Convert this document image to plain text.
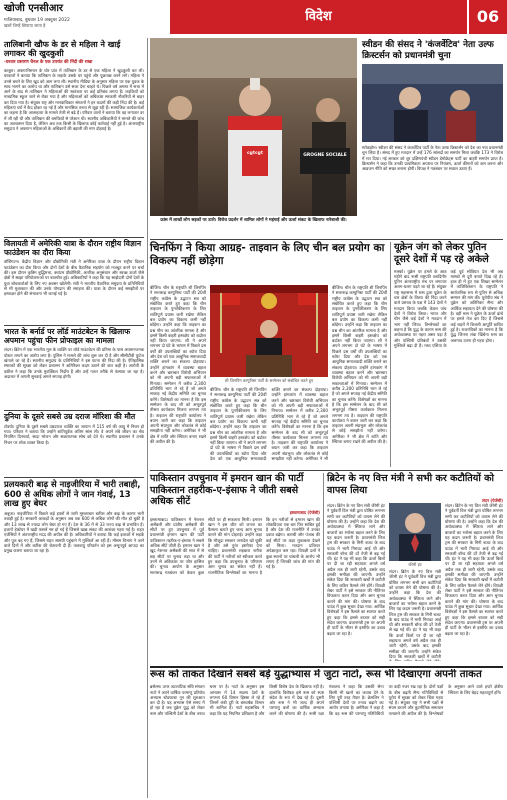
खोजी एनसीआर
गाजियाबाद, बुधवार 19 अक्टूबर 2022
ख़बरें जिन्हें छिपाया जाता है
विदेश	06
तालिबानी खौफ के डर से महिला ने खाई लगाकर की खुदकुशी
-घरवार प्रसारण चैनल के एक उपरांत की निंदी की राखा
काबुल। अफगानिस्तान के घोर प्रांत में तालिबान के डर से एक महिला ने खुदकुशी कर ली। घरवालों ने बताया कि तालिबान के लड़ाके उसके घर पहुंचे और पूछताछ करने लगे। महिला ने उनसे बचने के लिए खुद को आग लगा ली। स्थानीय मीडिया के अनुसार महिला पर एक युवक के साथ भागने का आरोप था और तालिबान उसे सजा देना चाहते थे। पिछले वर्ष अगस्त में सत्ता में आने के बाद से तालिबान ने महिलाओं की स्वतंत्रता पर कई प्रतिबंध लगाए हैं। लड़कियों को माध्यमिक स्कूल जाने से रोका गया है और महिलाओं को अधिकांश सरकारी नौकरियों से बाहर कर दिया गया है। संयुक्त राष्ट्र और मानवाधिकार संगठनों ने इन कदमों की कड़ी निंदा की है। कई महिलाएं घरों में कैद होकर रह गई हैं और मानसिक तनाव से जूझ रही हैं। सामाजिक कार्यकर्ताओं का कहना है कि आत्महत्या के मामले तेजी से बढ़े हैं। परिवार वालों ने बताया कि वह लगातार डर में जी रही थी और तालिबान की धमकियों से परेशान थी। स्थानीय अधिकारियों ने मामले की जांच का आश्वासन दिया है, लेकिन अब तक किसी के खिलाफ कोई कार्रवाई नहीं हुई है। अंतरराष्ट्रीय समुदाय ने अफगान महिलाओं के अधिकारों की बहाली की मांग दोहराई है।
विलायती में अमेरिकी यात्रा के दौरान राष्ट्रीय विज्ञान फाउंडेशन का दौरा किया
वॉशिंगटन। केंद्रीय विज्ञान और प्रौद्योगिकी मंत्री ने अमेरिका यात्रा के दौरान राष्ट्रीय विज्ञान फाउंडेशन का दौरा किया और दोनों देशों के बीच वैज्ञानिक सहयोग को मजबूत करने पर चर्चा की। इस दौरान कृत्रिम बुद्धिमत्ता, क्वांटम प्रौद्योगिकी, अंतरिक्ष अनुसंधान और स्वच्छ ऊर्जा जैसे क्षेत्रों में साझा परियोजनाओं पर बातचीत हुई। अधिकारियों ने कहा कि यह साझेदारी दोनों देशों के युवा शोधकर्ताओं के लिए नए अवसर खोलेगी। मंत्री ने भारतीय वैज्ञानिक समुदाय के प्रतिनिधियों से भी मुलाकात की और उनके योगदान की सराहना की। यात्रा के दौरान कई समझौतों पर हस्ताक्षर होने की संभावना भी जताई गई है।
भारत के बर्नार्ड पर लॉर्ड माउंटबेटन के खिलाफ अपमान पहुंचा फीन प्रोफाइल का मामला
लंदन। ब्रिटेन में एक भारतीय मूल के व्यक्ति पर लॉर्ड माउंटबेटन की प्रतिमा के पास अपमानजनक पोस्टर लगाने का आरोप लगा है। पुलिस ने मामले की जांच शुरू कर दी है और सीसीटीवी फुटेज खंगाले जा रहे हैं। स्थानीय समुदाय के प्रतिनिधियों ने इस घटना की निंदा की है। ऐतिहासिक स्मारकों की सुरक्षा को लेकर प्रशासन ने अतिरिक्त कदम उठाने की बात कही है। आरोपी के वकील ने कहा कि उनके मुवक्किल निर्दोष हैं और उन्हें गलत तरीके से फंसाया जा रहा है। अदालत में अगली सुनवाई अगले सप्ताह होगी।
दुनिया के दूसरे सबसे उम्र दराज मॉरिशा की मौत
टोक्यो। दुनिया के दूसरे सबसे उम्रदराज व्यक्ति का जापान में 115 वर्ष की आयु में निधन हो गया। परिवार ने बताया कि उन्होंने शांतिपूर्वक अंतिम सांस ली। वे अपने लंबे जीवन का श्रेय नियमित दिनचर्या, सादा भोजन और सकारात्मक सोच को देते थे। स्थानीय प्रशासन ने उनके निधन पर शोक व्यक्त किया है।
प्रलयकारी बाढ़ से नाइजीरिया में भारी तबाही, 600 से अधिक लोगों ने जान गंवाई, 13 लाख हुए बेघर
अबुजा। नाइजीरिया में पिछले कई हफ्तों से जारी मूसलाधार बारिश और बाढ़ के कारण भारी तबाही हुई है। सरकारी आंकड़ों के अनुसार अब तक 600 से अधिक लोगों की मौत हो चुकी है और 13 लाख से ज्यादा लोग बेघर हो गए हैं। देश के 36 में से 33 राज्य बाढ़ से प्रभावित हैं। हजारों हेक्टेयर में खड़ी फसलें नष्ट हो गई हैं जिससे खाद्य संकट की आशंका गहरा गई है। राहत एजेंसियों ने अंतरराष्ट्रीय मदद की अपील की है। अधिकारियों ने बताया कि कई इलाकों में सड़कें और पुल बह गए हैं, जिससे राहत सामग्री पहुंचाने में मुश्किलें आ रही हैं। मौसम विभाग ने आने वाले दिनों में और बारिश की चेतावनी दी है। जलवायु परिवर्तन को इस अभूतपूर्व आपदा का प्रमुख कारण बताया जा रहा है।
cgtcgt	GROGNE SOCIALE
फ्रांस में लाखों लोग सड़कों पर उतरे। विरोध प्रदर्शन में शामिल लोगों ने महंगाई और ऊर्जा संकट के खिलाफ नारेबाजी की।
स्वीडन की संसद ने 'कंजर्वेटिव' नेता उल्फ क्रिस्टर्सन को प्रधानमंत्री चुना
स्टॉकहोम। स्वीडन की संसद ने कंजर्वेटिव पार्टी के नेता उल्फ क्रिस्टर्सन को देश का नया प्रधानमंत्री चुन लिया है। संसद में हुए मतदान में उन्हें 176 सांसदों का समर्थन मिला जबकि 173 ने विरोध में मत दिया। नई सरकार को धुर दक्षिणपंथी स्वीडन डेमोक्रेट्स पार्टी का बाहरी समर्थन प्राप्त है। क्रिस्टर्सन ने कहा कि उनकी प्राथमिकता अपराध पर नियंत्रण, ऊर्जा कीमतों को कम करना और आव्रजन नीति को सख्त बनाना होगी। विपक्ष ने गठबंधन पर सवाल उठाए हैं।
चिनफिंग ने किया आग्रह- ताइवान के लिए चीन बल प्रयोग का विकल्प नहीं छोड़ेगा
बीजिंग। चीन के राष्ट्रपति शी जिनपिंग ने सत्तारूढ़ कम्युनिस्ट पार्टी की 20वीं राष्ट्रीय कांग्रेस के उद्घाटन सत्र को संबोधित करते हुए कहा कि चीन ताइवान के पुनर्एकीकरण के लिए शांतिपूर्ण प्रयास जारी रखेगा लेकिन बल प्रयोग का विकल्प कभी नहीं छोड़ेगा। उन्होंने कहा कि ताइवान का प्रश्न चीन का आंतरिक मामला है और इसमें किसी बाहरी हस्तक्षेप को बर्दाश्त नहीं किया जाएगा। शी ने अपने लगभग दो घंटे के भाषण में पिछले दस वर्षों की उपलब्धियों का ब्योरा दिया और देश को एक आधुनिक समाजवादी शक्ति बनाने का संकल्प दोहराया। उन्होंने हांगकांग में व्यवस्था बहाल करने और भ्रष्टाचार विरोधी अभियान को भी अपनी बड़ी सफलताओं में गिनाया। सम्मेलन में करीब 2,300 प्रतिनिधि भाग ले रहे हैं जो अगले सप्ताह नई केंद्रीय समिति का चुनाव करेंगे। विशेषज्ञों का मानना है कि इस सम्मेलन के बाद शी को अभूतपूर्व तीसरा कार्यकाल मिलना लगभग तय है। ताइवान की राष्ट्रपति कार्यालय ने बयान जारी कर कहा कि ताइवान अपनी संप्रभुता और लोकतंत्र से कोई समझौता नहीं करेगा। अमेरिका ने भी क्षेत्र में शांति और स्थिरता बनाए रखने की अपील की है।
शी जिनपिंग कम्युनिस्ट पार्टी के सम्मेलन को संबोधित करते हुए
बीजिंग। चीन के राष्ट्रपति शी जिनपिंग ने सत्तारूढ़ कम्युनिस्ट पार्टी की 20वीं राष्ट्रीय कांग्रेस के उद्घाटन सत्र को संबोधित करते हुए कहा कि चीन ताइवान के पुनर्एकीकरण के लिए शांतिपूर्ण प्रयास जारी रखेगा लेकिन बल प्रयोग का विकल्प कभी नहीं छोड़ेगा। उन्होंने कहा कि ताइवान का प्रश्न चीन का आंतरिक मामला है और इसमें किसी बाहरी हस्तक्षेप को बर्दाश्त नहीं किया जाएगा। शी ने अपने लगभग दो घंटे के भाषण में पिछले दस वर्षों की उपलब्धियों का ब्योरा दिया और देश को एक आधुनिक समाजवादी शक्ति बनाने का संकल्प दोहराया। उन्होंने हांगकांग में व्यवस्था बहाल करने और भ्रष्टाचार विरोधी अभियान को भी अपनी बड़ी सफलताओं में गिनाया। सम्मेलन में करीब 2,300 प्रतिनिधि भाग ले रहे हैं जो अगले सप्ताह नई केंद्रीय समिति का चुनाव करेंगे। विशेषज्ञों का मानना है कि इस सम्मेलन के बाद शी को अभूतपूर्व तीसरा कार्यकाल मिलना लगभग तय है। ताइवान की राष्ट्रपति कार्यालय ने बयान जारी कर कहा कि ताइवान अपनी संप्रभुता और लोकतंत्र से कोई समझौता नहीं करेगा। अमेरिका ने भी क्षेत्र में शांति और स्थिरता बनाए रखने की अपील की है।
बीजिंग। चीन के राष्ट्रपति शी जिनपिंग ने सत्तारूढ़ कम्युनिस्ट पार्टी की 20वीं राष्ट्रीय कांग्रेस के उद्घाटन सत्र को संबोधित करते हुए कहा कि चीन ताइवान के पुनर्एकीकरण के लिए शांतिपूर्ण प्रयास जारी रखेगा लेकिन बल प्रयोग का विकल्प कभी नहीं छोड़ेगा। उन्होंने कहा कि ताइवान का प्रश्न चीन का आंतरिक मामला है और इसमें किसी बाहरी हस्तक्षेप को बर्दाश्त नहीं किया जाएगा। शी ने अपने लगभग दो घंटे के भाषण में पिछले दस वर्षों की उपलब्धियों का ब्योरा दिया और देश को एक आधुनिक समाजवादी शक्ति बनाने का संकल्प दोहराया। उन्होंने हांगकांग में व्यवस्था बहाल करने और भ्रष्टाचार विरोधी अभियान को भी अपनी बड़ी सफलताओं में गिनाया। सम्मेलन में करीब 2,300 प्रतिनिधि भाग ले रहे हैं जो अगले सप्ताह नई केंद्रीय समिति का चुनाव करेंगे। विशेषज्ञों का मानना है कि इस सम्मेलन के बाद शी को अभूतपूर्व तीसरा कार्यकाल मिलना लगभग तय है। ताइवान की राष्ट्रपति कार्यालय ने बयान जारी कर कहा कि ताइवान अपनी संप्रभुता और लोकतंत्र से कोई समझौता नहीं करेगा। अमेरिका ने भी
यूक्रेन जंग को लेकर पुतिन दूसरे देशों में पड़ रहे अकेले
मास्को। यूक्रेन पर हमले के आठ महीने बाद रूसी राष्ट्रपति व्लादिमीर पुतिन अंतरराष्ट्रीय मंच पर लगातार अलग-थलग पड़ते जा रहे हैं। संयुक्त राष्ट्र महासभा में रूस द्वारा यूक्रेन के चार क्षेत्रों के विलय की निंदा करने वाले प्रस्ताव के पक्ष में 143 देशों ने मतदान किया जबकि केवल पांच देशों ने विरोध किया। भारत और चीन जैसे कई देशों ने मतदान में भाग नहीं लिया। विश्लेषकों का कहना है कि युद्ध के कारण रूस की अर्थव्यवस्था पर गहरा असर पड़ा है और पश्चिमी प्रतिबंधों ने उसकी मुश्किलें बढ़ा दी हैं। मध्य एशिया के कई पूर्व सोवियत देश भी अब मास्को से दूरी बनाते दिख रहे हैं। हाल ही में हुए एक शिखर सम्मेलन में ताजिकिस्तान के राष्ट्रपति ने सार्वजनिक रूप से पुतिन से अधिक सम्मान की मांग की। यूरोपीय संघ ने यूक्रेन को अतिरिक्त सैन्य और आर्थिक सहायता देने की घोषणा की है। वहीं रूस ने यूक्रेन के ऊर्जा ढांचे पर हमले तेज कर दिए हैं जिससे कई शहरों में बिजली आपूर्ति बाधित हुई है। राजनयिकों का मानना है कि युद्ध जितना लंबा खिंचेगा रूस का अलगाव उतना ही गहरा होगा।
पाकिस्तान उपचुनाव में इमरान खान की पार्टी पाकिस्तान तहरीक-ए-इंसाफ ने जीती सबसे अधिक सीटें
इस्लामाबाद (ऐजेंसी)
इस्लामाबाद। पाकिस्तान में नेशनल असेंबली और प्रांतीय असेंबली की सीटों पर हुए उपचुनाव में पूर्व प्रधानमंत्री इमरान खान की पार्टी पाकिस्तान तहरीक-ए-इंसाफ ने सबसे अधिक सीटें जीती हैं। इमरान खान ने खुद नेशनल असेंबली की सात में से छह सीटों पर चुनाव लड़ा था और उनमें से अधिकांश पर जीत हासिल की। चुनाव आयोग के अनुसार सत्तारूढ़ गठबंधन को केवल कुछ सीटों पर ही सफलता मिली। इमरान खान ने इस जीत को जनता का फैसला बताते हुए जल्द आम चुनाव कराने की मांग दोहराई। उन्होंने कहा कि मौजूदा सरकार जनादेश खो चुकी है और उसे तुरंत इस्तीफा देना चाहिए। प्रधानमंत्री शहबाज शरीफ की पार्टी ने नतीजों को स्वीकार करते हुए कहा कि उपचुनाव के परिणाम आम चुनाव का संकेत नहीं हैं। राजनीतिक विश्लेषकों का मानना है कि इन नतीजों से इमरान खान की लोकप्रियता एक बार फिर साबित हुई है और देश की राजनीति में उनका दबाव बढ़ेगा। कराची और पंजाब की कई सीटों पर कड़ा मुकाबला देखने को मिला। मतदान प्रतिशत अपेक्षाकृत कम रहा। विपक्षी दलों ने कुछ स्थानों पर धांधली के आरोप भी लगाए हैं जिनकी जांच की मांग की गई है।
ब्रिटेन के नए वित्त मंत्री ने सभी कर कटौतियों को वापस लिया
लंदन (ऐजेंसी)
लंदन। ब्रिटेन के नए वित्त मंत्री जेरेमी हंट ने पूर्ववर्ती वित्त मंत्री द्वारा घोषित लगभग सभी कर कटौतियों को वापस लेने की घोषणा की है। उन्होंने कहा कि देश की अर्थव्यवस्था में स्थिरता लाने और बाजारों का भरोसा बहाल करने के लिए यह कदम जरूरी है। प्रधानमंत्री लिज ट्रस की सरकार के मिनी बजट के बाद पाउंड में भारी गिरावट आई थी और सरकारी बॉन्ड की दरें तेजी से बढ़ गई थीं। हंट ने यह भी कहा कि ऊर्जा बिलों पर दी जा रही सहायता अगले वर्ष अप्रैल तक ही जारी रहेगी, उसके बाद इसकी समीक्षा की जाएगी। उन्होंने संकेत दिया कि सरकारी खर्चों में कटौती के लिए कठिन फैसले लेने होंगे। विपक्षी लेबर पार्टी ने इसे सरकार की नीतिगत विफलता करार दिया और आम चुनाव कराने की मांग की। घोषणा के बाद पाउंड में कुछ सुधार देखा गया। आर्थिक विशेषज्ञों ने इस फैसले का स्वागत करते हुए कहा कि इससे बाजार को सही संदेश जाएगा। प्रधानमंत्री ट्रस पर अपनी ही पार्टी के भीतर से इस्तीफे का दबाव बढ़ता जा रहा है।
जेरेमी हंट
लंदन। ब्रिटेन के नए वित्त मंत्री जेरेमी हंट ने पूर्ववर्ती वित्त मंत्री द्वारा घोषित लगभग सभी कर कटौतियों को वापस लेने की घोषणा की है। उन्होंने कहा कि देश की अर्थव्यवस्था में स्थिरता लाने और बाजारों का भरोसा बहाल करने के लिए यह कदम जरूरी है। प्रधानमंत्री लिज ट्रस की सरकार के मिनी बजट के बाद पाउंड में भारी गिरावट आई थी और सरकारी बॉन्ड की दरें तेजी से बढ़ गई थीं। हंट ने यह भी कहा कि ऊर्जा बिलों पर दी जा रही सहायता अगले वर्ष अप्रैल तक ही जारी रहेगी, उसके बाद इसकी समीक्षा की जाएगी। उन्होंने संकेत दिया कि सरकारी खर्चों में कटौती
लंदन। ब्रिटेन के नए वित्त मंत्री जेरेमी हंट ने पूर्ववर्ती वित्त मंत्री द्वारा घोषित लगभग सभी कर कटौतियों को वापस लेने की घोषणा की है। उन्होंने कहा कि देश की अर्थव्यवस्था में स्थिरता लाने और बाजारों का भरोसा बहाल करने के लिए यह कदम जरूरी है। प्रधानमंत्री लिज ट्रस की सरकार के मिनी बजट के बाद पाउंड में भारी गिरावट आई थी और सरकारी बॉन्ड की दरें तेजी से बढ़ गई थीं। हंट ने यह भी कहा कि ऊर्जा बिलों पर दी जा रही सहायता अगले वर्ष अप्रैल तक ही जारी रहेगी, उसके बाद इसकी समीक्षा की जाएगी। उन्होंने संकेत दिया कि सरकारी खर्चों में कटौती के लिए कठिन फैसले लेने होंगे। विपक्षी लेबर पार्टी ने इसे सरकार की नीतिगत विफलता करार दिया और आम चुनाव कराने की मांग की। घोषणा के बाद पाउंड में कुछ सुधार देखा गया। आर्थिक विशेषज्ञों ने इस फैसले का स्वागत करते हुए कहा कि इससे बाजार को सही संदेश जाएगा। प्रधानमंत्री ट्रस पर अपनी ही पार्टी के भीतर से इस्तीफे का दबाव बढ़ता जा रहा है।
रूस को ताकत दिखाने सबसे बड़े युद्धाभ्यास में जुटा नाटो, रूस भी दिखाएगा अपनी ताकत
ब्रसेल्स। उत्तर अटलांटिक संधि संगठन नाटो ने अपने वार्षिक परमाणु प्रतिरोध अभ्यास स्टेडफास्ट नून की शुरुआत कर दी है। यह अभ्यास ऐसे समय में हो रहा है जब यूक्रेन युद्ध को लेकर रूस और पश्चिमी देशों के बीच तनाव चरम पर है। नाटो के अनुसार इस अभ्यास में 14 सदस्य देशों के लगभग 60 विमान हिस्सा ले रहे हैं जिनमें लंबी दूरी के बमवर्षक विमान भी शामिल हैं। नाटो महासचिव ने कहा कि यह नियमित प्रशिक्षण है और किसी विशेष देश के खिलाफ नहीं है। हालांकि विशेषज्ञ इसे रूस को स्पष्ट संदेश के रूप में देख रहे हैं। दूसरी ओर रूस ने भी जल्द ही अपने परमाणु बलों का वार्षिक अभ्यास करने की घोषणा की है। रूसी रक्षा मंत्रालय ने कहा कि उसकी सेना किसी भी खतरे का जवाब देने के लिए पूरी तरह तैयार है। क्रेमलिन ने पश्चिमी देशों पर तनाव बढ़ाने का आरोप लगाया है। अमेरिका ने कहा है कि वह रूस की परमाणु गतिविधियों पर कड़ी नजर रख रहा है। दोनों पक्षों के बीच बढ़ती सैन्य गतिविधियों से यूरोप में सुरक्षा को लेकर चिंता गहरा गई है। संयुक्त राष्ट्र ने सभी पक्षों से संयम बरतने और कूटनीतिक समाधान तलाशने की अपील की है। विश्लेषकों के अनुसार आने वाले हफ्ते क्षेत्रीय स्थिरता के लिए बेहद महत्वपूर्ण होंगे।
